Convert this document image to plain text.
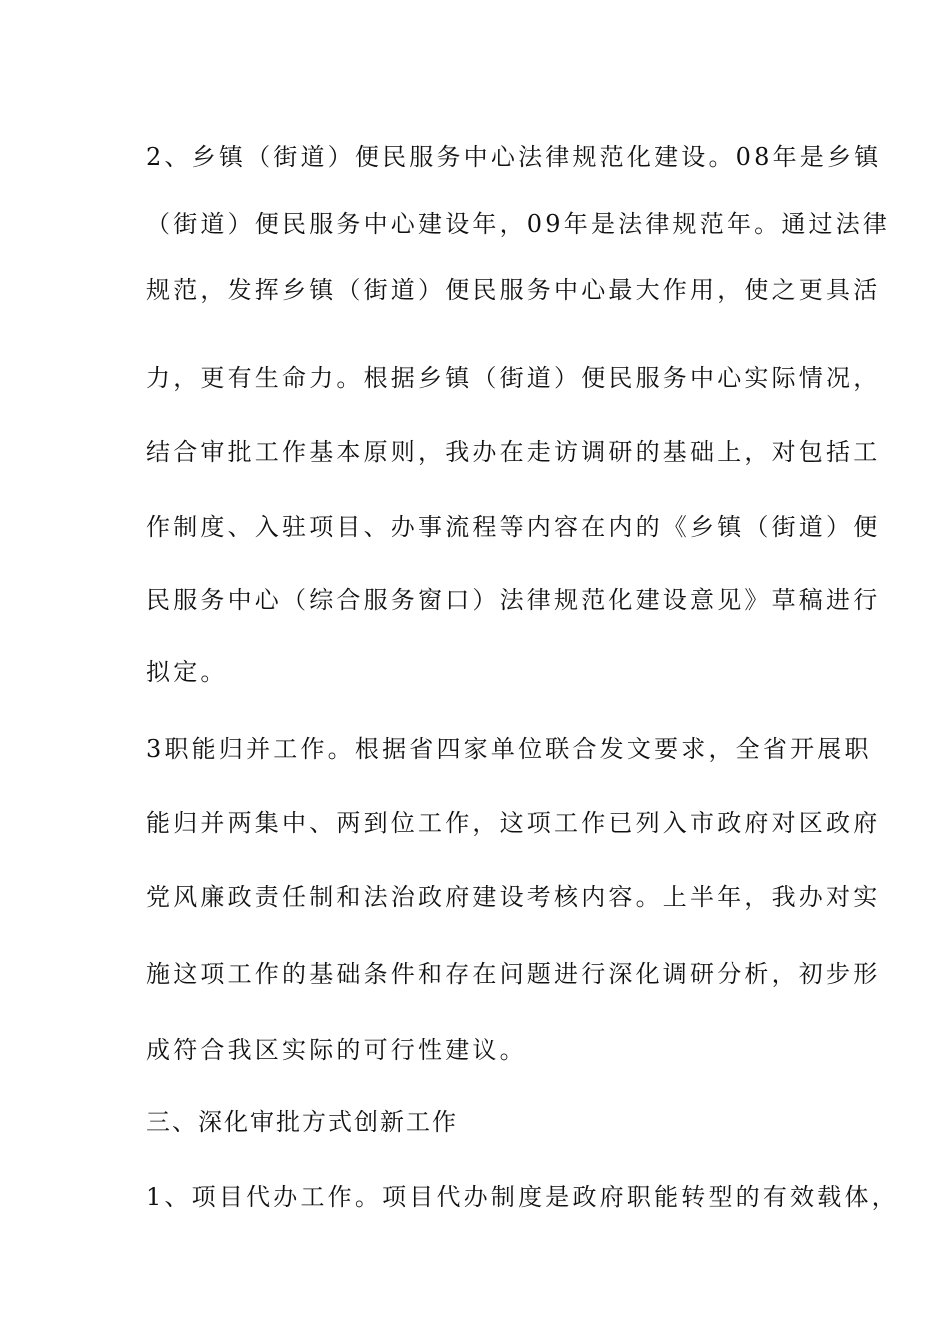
2、乡镇（街道）便民服务中心法律规范化建设。08年是乡镇
（街道）便民服务中心建设年，09年是法律规范年。通过法律
规范，发挥乡镇（街道）便民服务中心最大作用，使之更具活
力，更有生命力。根据乡镇（街道）便民服务中心实际情况，
结合审批工作基本原则，我办在走访调研的基础上，对包括工
作制度、入驻项目、办事流程等内容在内的《乡镇（街道）便
民服务中心（综合服务窗口）法律规范化建设意见》草稿进行
拟定。
3职能归并工作。根据省四家单位联合发文要求，全省开展职
能归并两集中、两到位工作，这项工作已列入市政府对区政府
党风廉政责任制和法治政府建设考核内容。上半年，我办对实
施这项工作的基础条件和存在问题进行深化调研分析，初步形
成符合我区实际的可行性建议。
三、深化审批方式创新工作
1、项目代办工作。项目代办制度是政府职能转型的有效载体，
